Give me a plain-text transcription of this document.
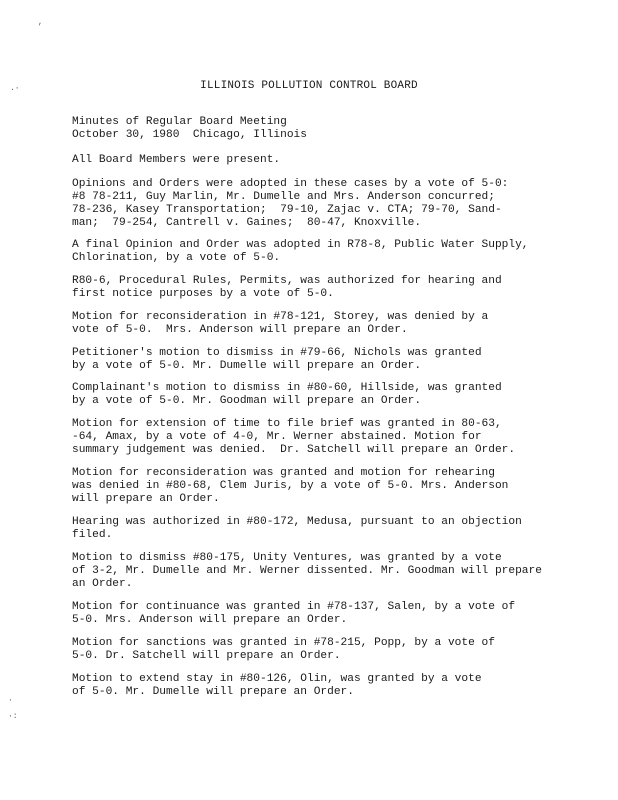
,
.·
·
·:
ILLINOIS POLLUTION CONTROL BOARD
Minutes of Regular Board Meeting
October 30, 1980  Chicago, Illinois
All Board Members were present.
Opinions and Orders were adopted in these cases by a vote of 5-0:
#8 78-211, Guy Marlin, Mr. Dumelle and Mrs. Anderson concurred;
78-236, Kasey Transportation;  79-10, Zajac v. CTA; 79-70, Sand-
man;  79-254, Cantrell v. Gaines;  80-47, Knoxville.
A final Opinion and Order was adopted in R78-8, Public Water Supply,
Chlorination, by a vote of 5-0.
R80-6, Procedural Rules, Permits, was authorized for hearing and
first notice purposes by a vote of 5-0.
Motion for reconsideration in #78-121, Storey, was denied by a
vote of 5-0.  Mrs. Anderson will prepare an Order.
Petitioner's motion to dismiss in #79-66, Nichols was granted
by a vote of 5-0. Mr. Dumelle will prepare an Order.
Complainant's motion to dismiss in #80-60, Hillside, was granted
by a vote of 5-0. Mr. Goodman will prepare an Order.
Motion for extension of time to file brief was granted in 80-63,
-64, Amax, by a vote of 4-0, Mr. Werner abstained. Motion for
summary judgement was denied.  Dr. Satchell will prepare an Order.
Motion for reconsideration was granted and motion for rehearing
was denied in #80-68, Clem Juris, by a vote of 5-0. Mrs. Anderson
will prepare an Order.
Hearing was authorized in #80-172, Medusa, pursuant to an objection
filed.
Motion to dismiss #80-175, Unity Ventures, was granted by a vote
of 3-2, Mr. Dumelle and Mr. Werner dissented. Mr. Goodman will prepare
an Order.
Motion for continuance was granted in #78-137, Salen, by a vote of
5-0. Mrs. Anderson will prepare an Order.
Motion for sanctions was granted in #78-215, Popp, by a vote of
5-0. Dr. Satchell will prepare an Order.
Motion to extend stay in #80-126, Olin, was granted by a vote
of 5-0. Mr. Dumelle will prepare an Order.
